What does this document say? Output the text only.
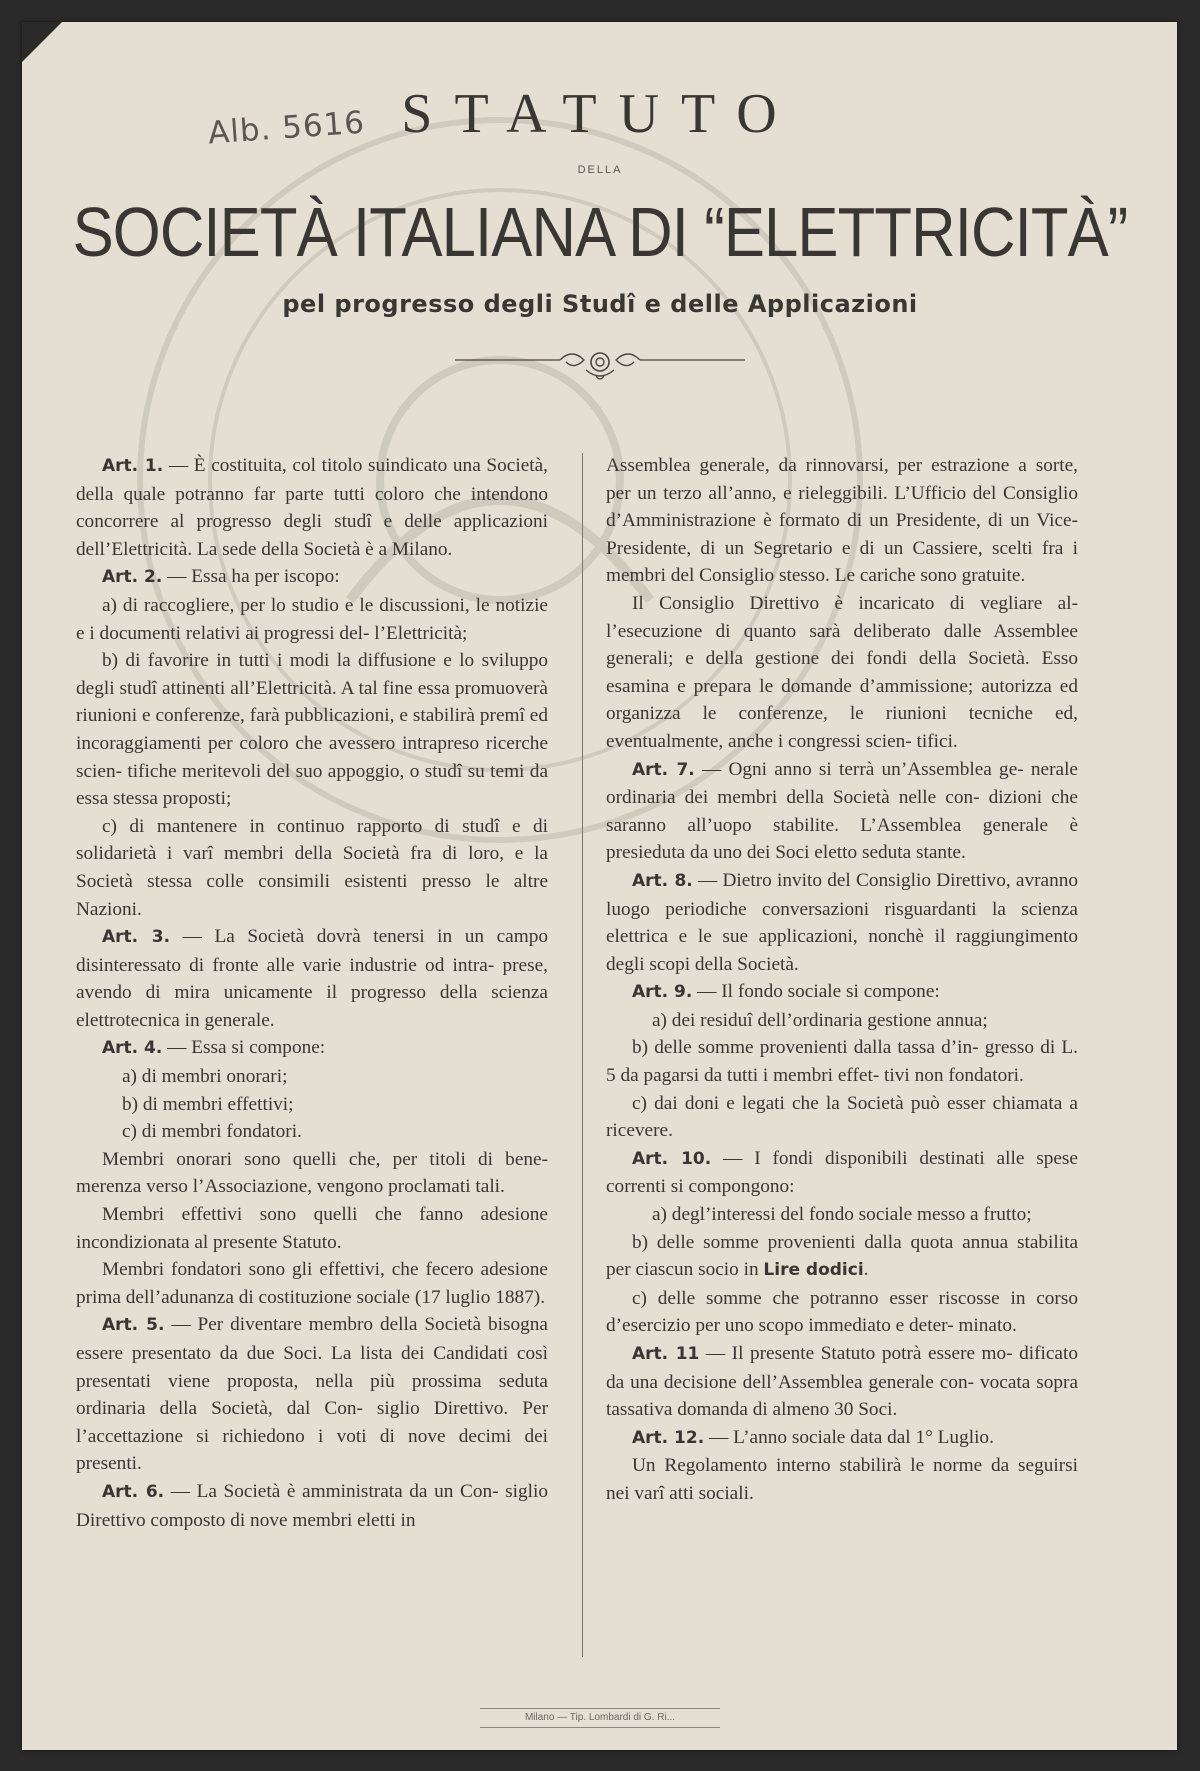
Alb. 5616 STATUTO
DELLA
SOCIETÀ ITALIANA DI “ELETTRICITÀ”
pel progresso degli Studî e delle Applicazioni

Art. 1. — È costituita, col titolo suindicato una Società, della quale potranno far parte tutti coloro che intendono concorrere al progresso degli studî e delle applicazioni dell’Elettricità. La sede della Società è a Milano.

Art. 2. — Essa ha per iscopo:

a) di raccogliere, per lo studio e le discussioni, le notizie e i documenti relativi ai progressi del- l’Elettricità;

b) di favorire in tutti i modi la diffusione e lo sviluppo degli studî attinenti all’Elettricità. A tal fine essa promuoverà riunioni e conferenze, farà pubblicazioni, e stabilirà premî ed incoraggiamenti per coloro che avessero intrapreso ricerche scien- tifiche meritevoli del suo appoggio, o studî su temi da essa stessa proposti;

c) di mantenere in continuo rapporto di studî e di solidarietà i varî membri della Società fra di loro, e la Società stessa colle consimili esistenti presso le altre Nazioni.

Art. 3. — La Società dovrà tenersi in un campo disinteressato di fronte alle varie industrie od intra- prese, avendo di mira unicamente il progresso della scienza elettrotecnica in generale.

Art. 4. — Essa si compone:

a) di membri onorari;

b) di membri effettivi;

c) di membri fondatori.

Membri onorari sono quelli che, per titoli di bene- merenza verso l’Associazione, vengono proclamati tali.

Membri effettivi sono quelli che fanno adesione incondizionata al presente Statuto.

Membri fondatori sono gli effettivi, che fecero adesione prima dell’adunanza di costituzione sociale (17 luglio 1887).

Art. 5. — Per diventare membro della Società bisogna essere presentato da due Soci. La lista dei Candidati così presentati viene proposta, nella più prossima seduta ordinaria della Società, dal Con- siglio Direttivo. Per l’accettazione si richiedono i voti di nove decimi dei presenti.

Art. 6. — La Società è amministrata da un Con- siglio Direttivo composto di nove membri eletti in

Assemblea generale, da rinnovarsi, per estrazione a sorte, per un terzo all’anno, e rieleggibili. L’Ufficio del Consiglio d’Amministrazione è formato di un Presidente, di un Vice-Presidente, di un Segretario e di un Cassiere, scelti fra i membri del Consiglio stesso. Le cariche sono gratuite.

Il Consiglio Direttivo è incaricato di vegliare al- l’esecuzione di quanto sarà deliberato dalle Assemblee generali; e della gestione dei fondi della Società. Esso esamina e prepara le domande d’ammissione; autorizza ed organizza le conferenze, le riunioni tecniche ed, eventualmente, anche i congressi scien- tifici.

Art. 7. — Ogni anno si terrà un’Assemblea ge- nerale ordinaria dei membri della Società nelle con- dizioni che saranno all’uopo stabilite. L’Assemblea generale è presieduta da uno dei Soci eletto seduta stante.

Art. 8. — Dietro invito del Consiglio Direttivo, avranno luogo periodiche conversazioni risguardanti la scienza elettrica e le sue applicazioni, nonchè il raggiungimento degli scopi della Società.

Art. 9. — Il fondo sociale si compone:

a) dei residuî dell’ordinaria gestione annua;

b) delle somme provenienti dalla tassa d’in- gresso di L. 5 da pagarsi da tutti i membri effet- tivi non fondatori.

c) dai doni e legati che la Società può esser chiamata a ricevere.

Art. 10. — I fondi disponibili destinati alle spese correnti si compongono:

a) degl’interessi del fondo sociale messo a frutto;

b) delle somme provenienti dalla quota annua stabilita per ciascun socio in Lire dodici.

c) delle somme che potranno esser riscosse in corso d’esercizio per uno scopo immediato e deter- minato.

Art. 11 — Il presente Statuto potrà essere mo- dificato da una decisione dell’Assemblea generale con- vocata sopra tassativa domanda di almeno 30 Soci.

Art. 12. — L’anno sociale data dal 1° Luglio.

Un Regolamento interno stabilirà le norme da seguirsi nei varî atti sociali.

Milano — Tip. Lombardi di G. Ri...
